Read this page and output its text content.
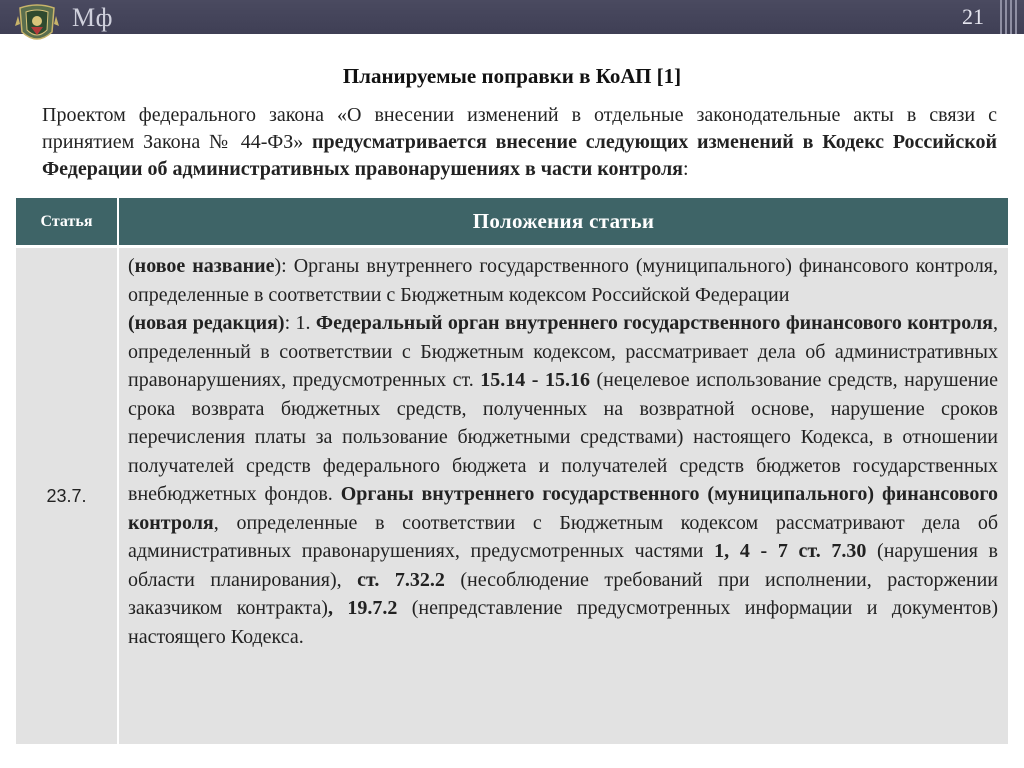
Мф	21
Планируемые поправки в КоАП [1]
Проектом федерального закона «О внесении изменений в отдельные законодательные акты в связи с принятием Закона № 44-ФЗ» предусматривается внесение следующих изменений в Кодекс Российской Федерации об административных правонарушениях в части контроля:
Статья	Положения статьи
23.7.

(новое название): Органы внутреннего государственного (муниципального) финансового контроля, определенные в соответствии с Бюджетным кодексом Российской Федерации

(новая редакция): 1. Федеральный орган внутреннего государственного финансового контроля, определенный в соответствии с Бюджетным кодексом, рассматривает дела об административных правонарушениях, предусмотренных ст. 15.14 - 15.16 (нецелевое использование средств, нарушение срока возврата бюджетных средств, полученных на возвратной основе, нарушение сроков перечисления платы за пользование бюджетными средствами) настоящего Кодекса, в отношении получателей средств федерального бюджета и получателей средств бюджетов государственных внебюджетных фондов. Органы внутреннего государственного (муниципального) финансового контроля, определенные в соответствии с Бюджетным кодексом рассматривают дела об административных правонарушениях, предусмотренных частями 1, 4 - 7 ст. 7.30 (нарушения в области планирования), ст. 7.32.2 (несоблюдение требований при исполнении, расторжении заказчиком контракта), 19.7.2 (непредставление предусмотренных информации и документов) настоящего Кодекса.
